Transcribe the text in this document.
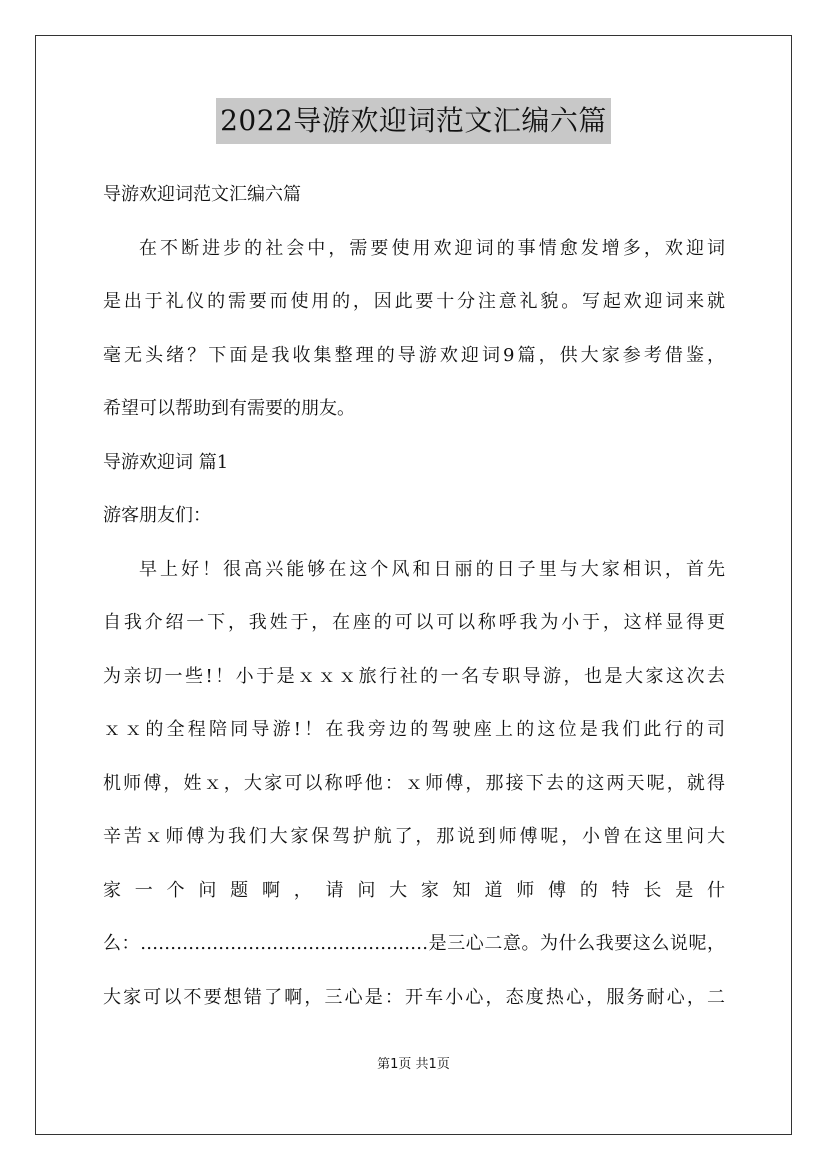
2022导游欢迎词范文汇编六篇

导游欢迎词范文汇编六篇

在不断进步的社会中，需要使用欢迎词的事情愈发增多，欢迎词

是出于礼仪的需要而使用的，因此要十分注意礼貌。写起欢迎词来就

毫无头绪？下面是我收集整理的导游欢迎词9篇，供大家参考借鉴，

希望可以帮助到有需要的朋友。

导游欢迎词 篇1

游客朋友们：

早上好！很高兴能够在这个风和日丽的日子里与大家相识，首先

自我介绍一下，我姓于，在座的可以可以称呼我为小于，这样显得更

为亲切一些!！小于是ｘｘｘ旅行社的一名专职导游，也是大家这次去

ｘｘ的全程陪同导游!！在我旁边的驾驶座上的这位是我们此行的司

机师傅，姓ｘ，大家可以称呼他：ｘ师傅，那接下去的这两天呢，就得

辛苦ｘ师傅为我们大家保驾护航了，那说到师傅呢，小曾在这里问大

家一个问题啊，请问大家知道师傅的特长是什

么：…………………………………………是三心二意。为什么我要这么说呢，

大家可以不要想错了啊，三心是：开车小心，态度热心，服务耐心，二

第1页 共1页
